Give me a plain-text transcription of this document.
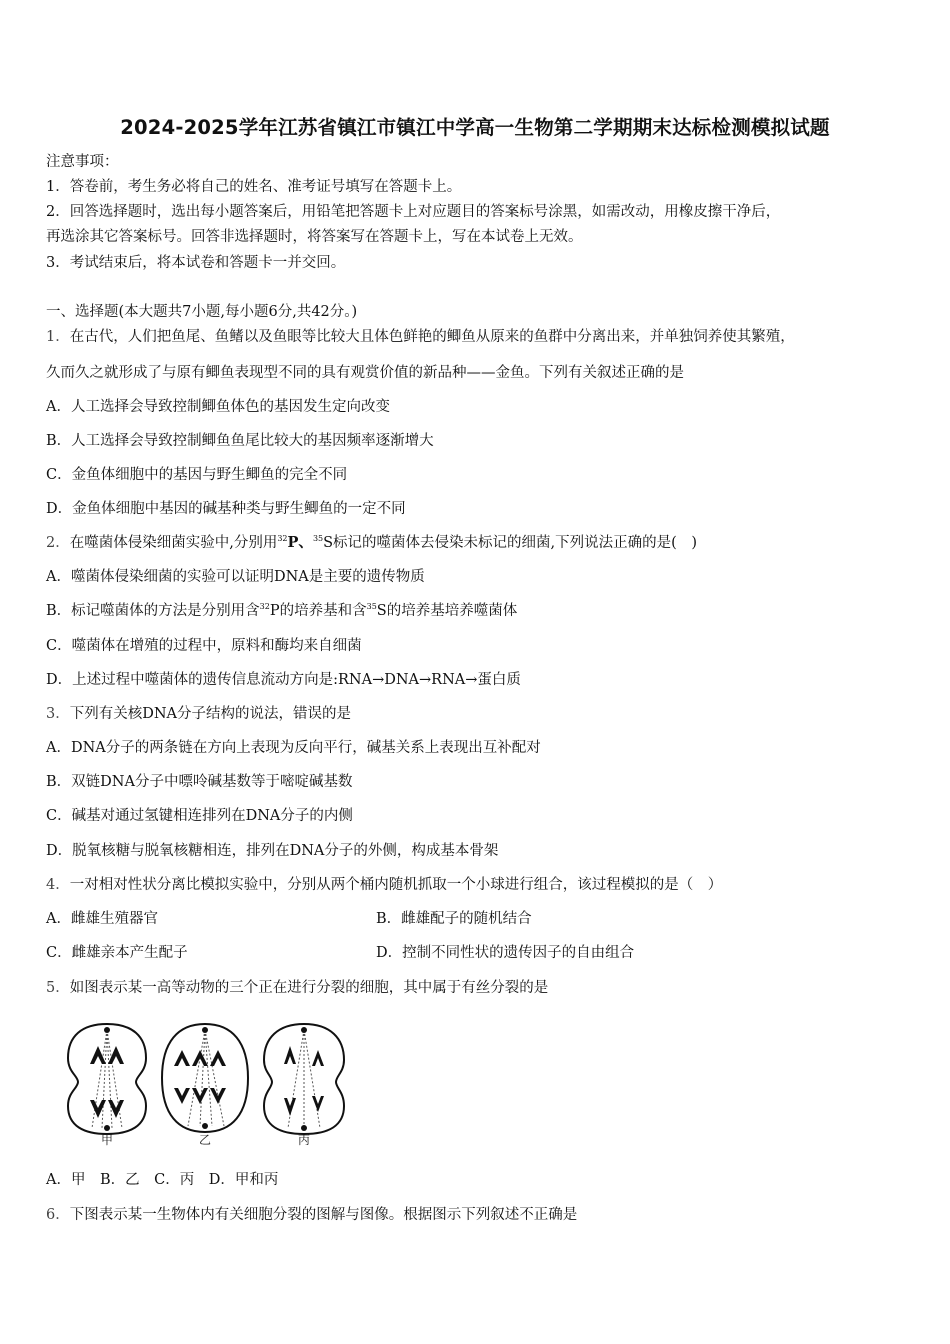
2024-2025学年江苏省镇江市镇江中学高一生物第二学期期末达标检测模拟试题
注意事项：
1．答卷前，考生务必将自己的姓名、准考证号填写在答题卡上。
2．回答选择题时，选出每小题答案后，用铅笔把答题卡上对应题目的答案标号涂黑，如需改动，用橡皮擦干净后，
再选涂其它答案标号。回答非选择题时，将答案写在答题卡上，写在本试卷上无效。
3．考试结束后，将本试卷和答题卡一并交回。
一、选择题(本大题共7小题,每小题6分,共42分。)
1．在古代，人们把鱼尾、鱼鳍以及鱼眼等比较大且体色鲜艳的鲫鱼从原来的鱼群中分离出来，并单独饲养使其繁殖，
久而久之就形成了与原有鲫鱼表现型不同的具有观赏价值的新品种——金鱼。下列有关叙述正确的是
A．人工选择会导致控制鲫鱼体色的基因发生定向改变
B．人工选择会导致控制鲫鱼鱼尾比较大的基因频率逐渐增大
C．金鱼体细胞中的基因与野生鲫鱼的完全不同
D．金鱼体细胞中基因的碱基种类与野生鲫鱼的一定不同
2．在噬菌体侵染细菌实验中,分别用$^{32}$P、$^{35}$S标记的噬菌体去侵染未标记的细菌,下列说法正确的是(　)
A．噬菌体侵染细菌的实验可以证明DNA是主要的遗传物质
B．标记噬菌体的方法是分别用含$^{32}$P的培养基和含$^{35}$S的培养基培养噬菌体
C．噬菌体在增殖的过程中，原料和酶均来自细菌
D．上述过程中噬菌体的遗传信息流动方向是:RNA→DNA→RNA→蛋白质
3．下列有关核DNA分子结构的说法，错误的是
A．DNA分子的两条链在方向上表现为反向平行，碱基关系上表现出互补配对
B．双链DNA分子中嘌呤碱基数等于嘧啶碱基数
C．碱基对通过氢键相连排列在DNA分子的内侧
D．脱氧核糖与脱氧核糖相连，排列在DNA分子的外侧，构成基本骨架
4．一对相对性状分离比模拟实验中，分别从两个桶内随机抓取一个小球进行组合，该过程模拟的是（　）
A．雌雄生殖器官	B．雌雄配子的随机结合
C．雌雄亲本产生配子	D．控制不同性状的遗传因子的自由组合
5．如图表示某一高等动物的三个正在进行分裂的细胞，其中属于有丝分裂的是
甲	乙	丙
A．甲　B．乙　C．丙　D．甲和丙
6．下图表示某一生物体内有关细胞分裂的图解与图像。根据图示下列叙述不正确是
